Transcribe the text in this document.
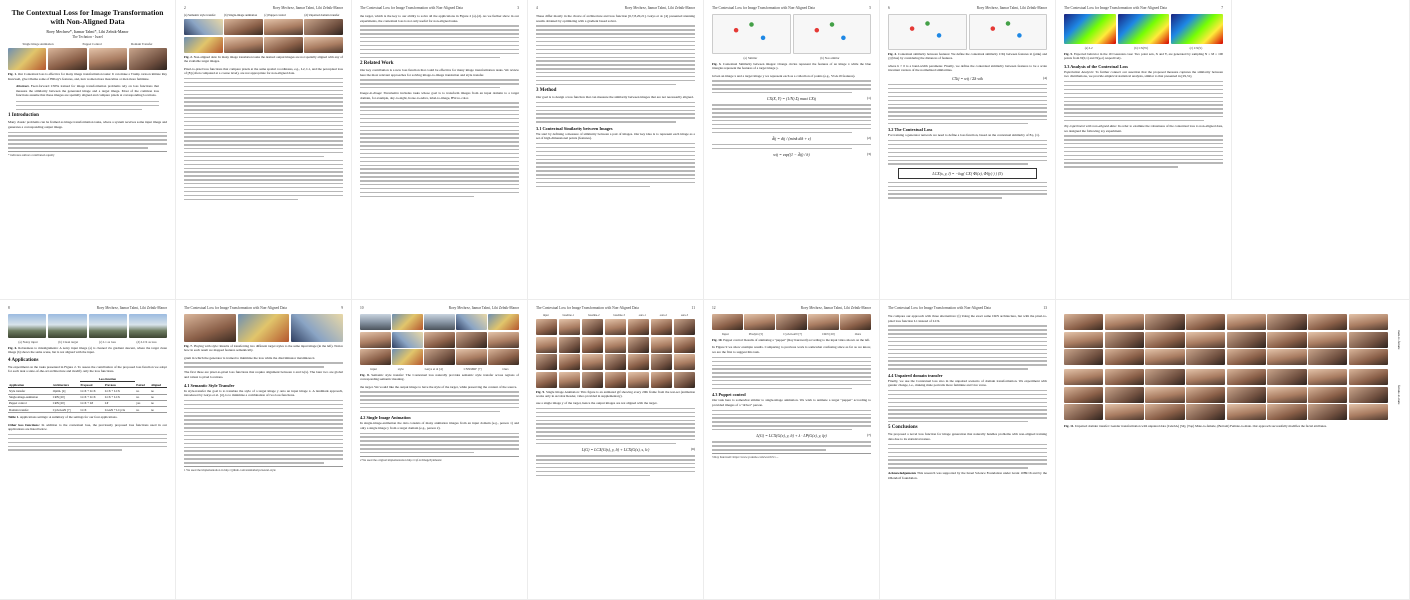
The Contextual Loss for Image Transformation
with Non-Aligned Data
Roey Mechrez*, Itamar Talmi*, Lihi Zelnik-Manor
The Technion - Israel
Single Image Animation	Puppet Control	Domain Transfer
Fig. 1. Our Contextual loss is effective for many image transformation tasks: It can make a Trump cartoon imitate Ray Kurzweil, give Obama some of Hillary's features, and, turn women more masculine or men more feminine.
Abstract. Feed-forward CNNs trained for image transformation problems rely on loss functions that measure the similarity between the generated image and a target image. Most of the common loss functions assume that these images are spatially aligned and compare pixels at corresponding locations.
1 Introduction

Many classic problems can be framed as image transformation tasks, where a system receives some input image and generates a corresponding output image.

* indicates authors contributed equally
2	Roey Mechrez, Itamar Talmi, Lihi Zelnik-Manor
(a) Semantic style transfer	(b) Single-image animation	(c) Puppet control	(d) Unpaired domain transfer
Fig. 2. Non-aligned data: In many image translation tasks the desired output images are not spatially aligned with any of the available target images.

Pixel-to-pixel loss functions that compare pixels at the same spatial coordinates, e.g., L2, L1, and the perceptual loss of [8] (often computed at a coarse level), are not appropriate for non-aligned data.

The Contextual Loss for Image Transformation with Non-Aligned Data	3

the target, which is the key to our ability to solve all the applications in Figure 2 (a)-(d). As we further show in our experiments, the contextual loss is not only useful for non-aligned tasks.

2 Related Work

Our key contribution is a new loss function that could be effective for many image transformation tasks. We review here the most relevant approaches for solving image-to-image translation and style transfer.

Image-to-Image Translation includes tasks whose goal is to transform images from an input domain to a target domain, for example, day-to-night, horse-to-zebra, label-to-image, BW-to-color.

4	Roey Mechrez, Itamar Talmi, Lihi Zelnik-Manor

These differ mostly in the choice of architecture and loss function [6,7,8,20,21]. Gatys et al. [4] presented stunning results obtained by optimizing with a gradient based solver.

3 Method

Our goal is to design a loss function that can measure the similarity between images that are not necessarily aligned.

3.1 Contextual Similarity between Images

We start by defining a measure of similarity between a pair of images. Our key idea is to represent each image as a set of high-dimensional points (features).

The Contextual Loss for Image Transformation with Non-Aligned Data	5
(a) Similar	(b) Not-similar
Fig. 3. Contextual Similarity between images: Orange circles represent the features of an image x while the blue triangles represent the features of a target image y.

Given an image x and a target image y we represent each as a collection of points (e.g., VGG19 features).

CX(X, Y) = (1/N) Σj maxi CXij	(1)
d̃ij = dij / (mink dik + ε)	(2)
wij = exp((1 − d̃ij) / h)	(3)
6	Roey Mechrez, Itamar Talmi, Lihi Zelnik-Manor
Fig. 4. Contextual similarity between features: We define the contextual similarity CXij between features xi (pink) and yj (blue) by considering the distances of features.

where h > 0 is a band-width parameter. Finally, we define the contextual similarity between features to be a scale invariant version of the normalized similarities.

CXij = wij / Σk wik	(4)
3.2 The Contextual Loss

For training a generator network we need to define a loss function, based on the contextual similarity of Eq. (1).

LCX(x, y, l) = −log( CX( Φl(x), Φl(y) ) ) (5)
The Contextual Loss for Image Transformation with Non-Aligned Data	7
(a) L2	(b) CX(W)	(c) CX(S)
Fig. 5. Expected behavior in the 1D Gaussian case: Two point sets, X and Y, are generated by sampling N = M = 100 points from N(0,1) and N(μ,σ) respectively.
3.3 Analysis of the Contextual Loss

Expectation Analysis: To further connect our assertion that the proposed measure captures the similarity between two distributions, we provide empirical statistical analysis, similar to that presented in [29,31].

Toy experiment with non-aligned data: In order to examine the robustness of the contextual loss to non-aligned data, we designed the following toy experiment.

8	Roey Mechrez, Itamar Talmi, Lihi Zelnik-Manor
(a) Noisy input	(b) Clean target	(c) L1 as loss	(d) LCX as loss
Fig. 6. Robustness to misalignments: A noisy input image (a) is cleaned via gradient descent, where the target clean image (b) shows the same scene, but is not aligned with the input.
4 Applications

We experiment on the tasks presented in Figure 2. To assess the contribution of the proposed loss function we adopt for each task a state-of-the-art architecture and modify only the loss functions.

		Loss function			
Application	Architecture	Proposed	Previous	Paired	Aligned
Style transfer	Optim. [4]	LCX + LCX	LCX + LCX	no	no
Single-image-animation	CRN [20]	LCX + LCX	LCX + LCX	no	no
Puppet control	CRN [20]	LCX + LP	LP	yes	no
Domain transfer	CycleGAN [7]	LCX	LGAN + LCycle	no	no
Table 1. Applications settings: A summary of the settings for our four applications.

Other loss functions: In addition to the contextual loss, the previously proposed loss functions used in our applications are listed below.

The Contextual Loss for Image Transformation with Non-Aligned Data	9
Fig. 7. Playing with style: Results of transferring two different target styles to the same input image (in the left). Notice how in each result we mapped features semantically.

gram in which the generator is trained to minimize the loss while the discriminator maximizes it.

The first three are pixel-to-pixel loss functions that require alignment between x and G(x). The later two are global and robust to pixel locations.

4.1 Semantic Style Transfer

In style-transfer the goal is to translate the style of a target image y onto an input image x. A landmark approach, introduced by Gatys et al. [4], is to minimize a combination of two loss functions.

1 We used the implementation in http://github.com/anishathalye/neural-style
10	Roey Mechrez, Itamar Talmi, Lihi Zelnik-Manor
input	style	Gatys et al [4]	CNNMRF [7]	Ours
Fig. 8. Semantic style transfer: The Contextual loss naturally provides semantic style transfer across regions of corresponding semantic meaning.

the target. We would like the output image to have the style of the target, while preserving the content of the source.

4.2 Single Image Animation

In single-image-animation the data consists of many animation images from an input domain (e.g., person 1) and only a single image y from a target domain (e.g., person 2).

2 We used the original implementation http://cqf.io/ImageSynthesis/
The Contextual Loss for Image Transformation with Non-Aligned Data	11
input	baseline-1	baseline-2	baseline-3	ours-1	ours-2	ours-3
Fig. 9. Single Image Animation: This figure is an animated gif showing every 20th frame from the test-set (animation works only in Acrobat Reader, video provided in supplementary).

use a single image y of the target, hence the output images are not aligned with the target.

L(G) = LCX(G(s), y, lt) + LCX(G(s), s, lc)	(6)
12	Roey Mechrez, Itamar Talmi, Lihi Zelnik-Manor
Input	Pix2pix [5]	CycleGAN [7]	CRN [20]	Ours
Fig. 10. Puppet control: Results of animating a "puppet" (Ray Kurzweil) according to the input video shown on the left.

In Figure 9 we show example results. Comparing to previous work is somewhat confusing since as far as we know, we are the first to suggest this task.

4.3 Puppet control

Our task here is somewhat similar to single-image animation. We wish to animate a target "puppet" according to provided images of a "driver" person.

L(G) = LCX(G(x), y, lt) + λ · LP(G(x), y, lp)	(7)
3 Ray Kurzweil: https://www.youtube.com/watch?v=...
The Contextual Loss for Image Transformation with Non-Aligned Data	13

We compare our approach with three alternatives: (i) Using the exact same CRN architecture, but with the pixel-to-pixel loss function L1 instead of LCX.

4.4 Unpaired domain transfer

Finally, we use the Contextual loss also in the unpaired scenario of domain transformation. We experiment with gender change, i.e., making male portraits more feminine and vice versa.

5 Conclusions

We proposed a novel loss function for image generation that naturally handles problems with non-aligned training data due to its statistical nature.

Acknowledgements This research was supported by the Israel Science Foundation under Grant 1089/16 and by the Ollendorf foundation.

male-to-female
female-to-male
Fig. 11. Unpaired domain transfer: Gender transformation with unpaired data (CelebA) [34], (Top) Male-to-female, (Bottom) Female-to-male. Our approach successfully modifies the facial attributes.
